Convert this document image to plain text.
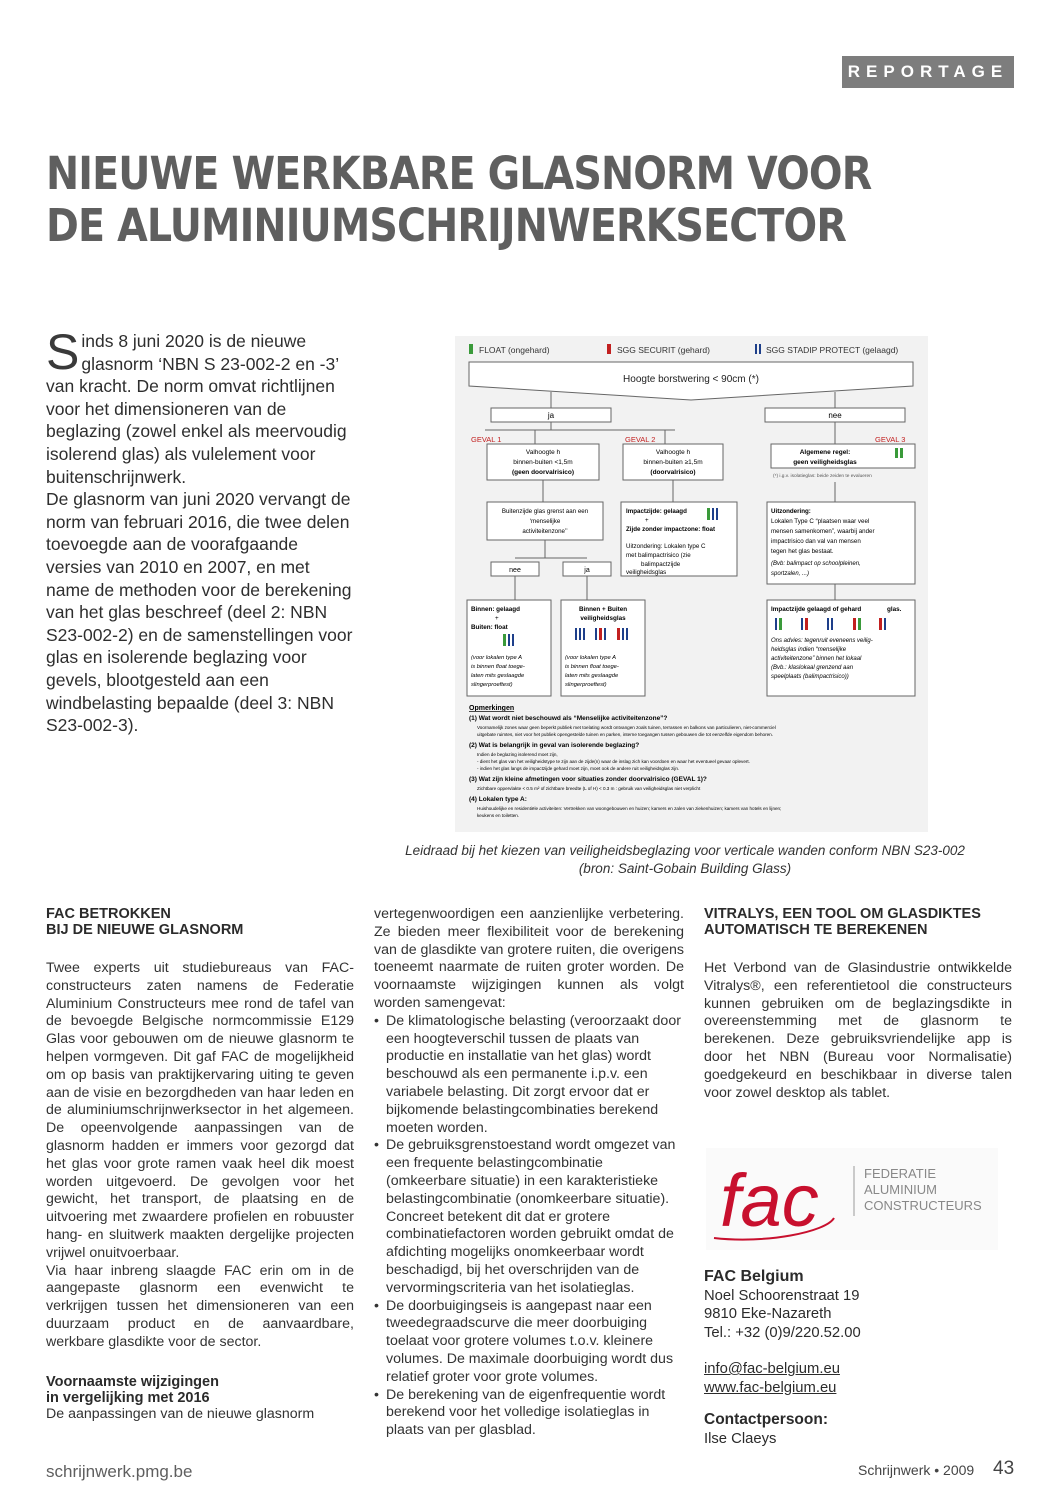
REPORTAGE
NIEUWE WERKBARE GLASNORM VOOR
DE ALUMINIUMSCHRIJNWERKSECTOR

Sinds 8 juni 2020 is de nieuwe glasnorm ‘NBN S 23-002-2 en -3’ van kracht. De norm omvat richtlijnen voor het dimensioneren van de beglazing (zowel enkel als meervoudig isolerend glas) als vulelement voor buitenschrijnwerk.

De glasnorm van juni 2020 vervangt de norm van februari 2016, die twee delen toevoegde aan de voorafgaande versies van 2010 en 2007, en met name de methoden voor de berekening van het glas beschreef (deel 2: NBN S23-002-2) en de samenstellingen voor glas en isolerende beglazing voor gevels, blootgesteld aan een windbelasting bepaalde (deel 3: NBN S23-002-3).

FLOAT (ongehard)	SGG SECURIT (gehard)	SGG STADIP PROTECT (gelaagd)
Hoogte borstwering < 90cm (*)
ja	nee
GEVAL 1	GEVAL 2	GEVAL 3
Valhoogte h
binnen-buiten <1,5m
(geen doorvalrisico)
Valhoogte h
binnen-buiten ≥1,5m
(doorvalrisico)
Algemene regel:
geen veiligheidsglas
(*) i.g.v. isolatieglas: beide zeiden te evalueren
Buitenzijde glas grenst aan een
‘menselijke
activiteitenzone’’
Impactzijde: gelaagd
+
Zijde zonder impactzone: float
Uitzondering: Lokalen type C
met balimpactrisico (zie
balimpactzijde
veiligheidsglas
Uitzondering:
Lokalen Type C “plaatsen waar veel
mensen samenkomen”, waarbij ander
impactrisico dan val van mensen
tegen het glas bestaat.
(Bvb: balimpact op schoolpleinen,
sportzalen, ...)
nee	ja
Binnen: gelaagd
+
Buiten: float
(voor lokalen type A
is binnen float toege-
laten mits geslaagde
slingerproeftest)
Binnen + Buiten
veiligheidsglas
(voor lokalen type A
is binnen float toege-
laten mits geslaagde
slingerproeftest)
Impactzijde gelaagd of gehard	glas.
Ons advies: tegenruit eveneens veilig-
heidsglas indien “menselijke
activiteitenzone” binnen het lokaal
(Bvb.: klaslokaal grenzend aan
speelplaats (balimpactrisico))
Opmerkingen
(1) Wat wordt niet beschouwd als “Menselijke activiteitenzone”?
Voornamelijk zones waar geen beperkt publiek met toelating wordt ontvangen zoals tuinen, terrassen en balkons van particulieren, niet-commerciel
uitgebate ruimtes, niet voor het publiek opengestelde tuinen en parken, interne toegangen tussen gebouwen die tot eenzelfde eigendom behoren.
(2) Wat is belangrijk in geval van isolerende beglazing?
Indien de beglazing isolerend moet zijn,
- dient het glas van het veiligheidstype te zijn aan de zijde(n) waar de inslag zich kan voordoen en waar het eventueel gevaar oplevert.
- indien het glas langs de impactzijde gehard moet zijn, moet ook de andere ruit veiligheidsglas zijn.
(3) Wat zijn kleine afmetingen voor situaties zonder doorvalrisico (GEVAL 1)?
Zichtbare oppervlakte < 0.5 m² of zichtbare breedte (L of H) < 0.3 m : gebruik van veiligheidsglas niet verplicht
(4) Lokalen type A:
Huishoudelijke en residentiële activiteiten: Vertrekken van woongebouwen en huizen; kamers en zalen van ziekenhuizen; kamers van hotels en lijnen;
keukens en toiletten.
Leidraad bij het kiezen van veiligheidsbeglazing voor verticale wanden conform NBN S23-002
(bron: Saint-Gobain Building Glass)
FAC BETROKKEN
BIJ DE NIEUWE GLASNORM

Twee experts uit studiebureaus van FAC-constructeurs zaten namens de Federatie Aluminium Constructeurs mee rond de tafel van de bevoegde Belgische normcommissie E129 Glas voor gebouwen om de nieuwe glasnorm te helpen vormgeven. Dit gaf FAC de mogelijkheid om op basis van praktijkervaring uiting te geven aan de visie en bezorgdheden van haar leden en de aluminiumschrijnwerksector in het algemeen. De opeenvolgende aanpassingen van de glasnorm hadden er immers voor gezorgd dat het glas voor grote ramen vaak heel dik moest worden uitgevoerd. De gevolgen voor het gewicht, het transport, de plaatsing en de uitvoering met zwaardere profielen en robuuster hang- en sluitwerk maakten dergelijke projecten vrijwel onuitvoerbaar.

Via haar inbreng slaagde FAC erin om in de aangepaste glasnorm een evenwicht te verkrijgen tussen het dimensioneren van een duurzaam product en de aanvaardbare, werkbare glasdikte voor de sector.

Voornaamste wijzigingen
in vergelijking met 2016

De aanpassingen van de nieuwe glasnorm

vertegenwoordigen een aanzienlijke verbetering. Ze bieden meer flexibiliteit voor de berekening van de glasdikte van grotere ruiten, die overigens toeneemt naarmate de ruiten groter worden. De voornaamste wijzigingen kunnen als volgt worden samengevat:

• De klimatologische belasting (veroorzaakt door een hoogteverschil tussen de plaats van productie en installatie van het glas) wordt beschouwd als een permanente i.p.v. een variabele belasting. Dit zorgt ervoor dat er bijkomende belastingcombinaties berekend moeten worden.
• De gebruiksgrenstoestand wordt omgezet van een frequente belastingcombinatie (omkeerbare situatie) in een karakteristieke belastingcombinatie (onomkeerbare situatie). Concreet betekent dit dat er grotere combinatiefactoren worden gebruikt omdat de afdichting mogelijks onomkeerbaar wordt beschadigd, bij het overschrijden van de vervormingscriteria van het isolatieglas.
• De doorbuigingseis is aangepast naar een tweedegraadscurve die meer doorbuiging toelaat voor grotere volumes t.o.v. kleinere volumes. De maximale doorbuiging wordt dus relatief groter voor grote volumes.
• De berekening van de eigenfrequentie wordt berekend voor het volledige isolatieglas in plaats van per glasblad.
VITRALYS, EEN TOOL OM GLASDIKTES
AUTOMATISCH TE BEREKENEN

Het Verbond van de Glasindustrie ontwikkelde Vitralys®, een referentietool die constructeurs kunnen gebruiken om de beglazingsdikte in overeenstemming met de glasnorm te berekenen. Deze gebruiksvriendelijke app is door het NBN (Bureau voor Normalisatie) goedgekeurd en beschikbaar in diverse talen voor zowel desktop als tablet.

fac	FEDERATIE
ALUMINIUM
CONSTRUCTEURS
FAC Belgium
Noel Schoorenstraat 19
9810 Eke-Nazareth
Tel.: +32 (0)9/220.52.00
info@fac-belgium.eu
www.fac-belgium.eu
Contactpersoon:
Ilse Claeys
schrijnwerk.pmg.be	Schrijnwerk • 2009 43
